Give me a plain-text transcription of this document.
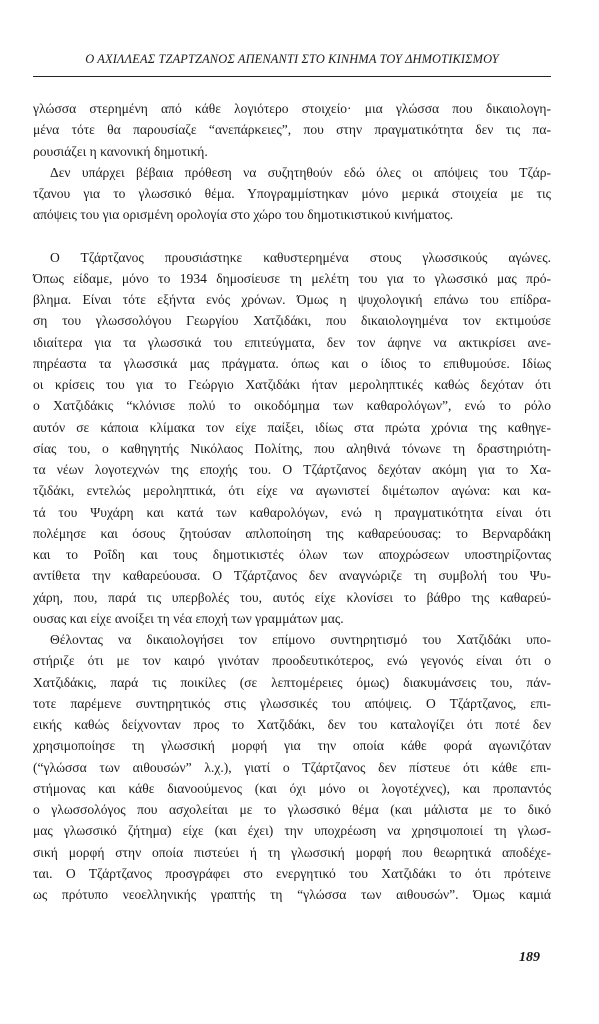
Ο ΑΧΙΛΛΕΑΣ ΤΖΑΡΤΖΑΝΟΣ ΑΠΕΝΑΝΤΙ ΣΤΟ ΚΙΝΗΜΑ ΤΟΥ ΔΗΜΟΤΙΚΙΣΜΟΥ

γλώσσα στερημένη από κάθε λογιότερο στοιχείο· μια γλώσσα που δικαιολογη-
μένα τότε θα παρουσίαζε “ανεπάρκειες”, που στην πραγματικότητα δεν τις πα-
ρουσιάζει η κανονική δημοτική.

Δεν υπάρχει βέβαια πρόθεση να συζητηθούν εδώ όλες οι απόψεις του Τζάρ-
τζανου για το γλωσσικό θέμα. Υπογραμμίστηκαν μόνο μερικά στοιχεία με τις
απόψεις του για ορισμένη ορολογία στο χώρο του δημοτικιστικού κινήματος.

Ο Τζάρτζανος προυσιάστηκε καθυστερημένα στους γλωσσικούς αγώνες.
Όπως είδαμε, μόνο το 1934 δημοσίευσε τη μελέτη του για το γλωσσικό μας πρό-
βλημα. Είναι τότε εξήντα ενός χρόνων. Όμως η ψυχολογική επάνω του επίδρα-
ση του γλωσσολόγου Γεωργίου Χατζιδάκι, που δικαιολογημένα τον εκτιμούσε
ιδιαίτερα για τα γλωσσικά του επιτεύγματα, δεν τον άφηνε να ακτικρίσει ανε-
πηρέαστα τα γλωσσικά μας πράγματα. όπως και ο ίδιος το επιθυμούσε. Ιδίως
οι κρίσεις του για το Γεώργιο Χατζιδάκι ήταν μεροληπτικές καθώς δεχόταν ότι
ο Χατζιδάκις “κλόνισε πολύ το οικοδόμημα των καθαρολόγων”, ενώ το ρόλο
αυτόν σε κάποια κλίμακα τον είχε παίξει, ιδίως στα πρώτα χρόνια της καθηγε-
σίας του, ο καθηγητής Νικόλαος Πολίτης, που αληθινά τόνωνε τη δραστηριότη-
τα νέων λογοτεχνών της εποχής του. Ο Τζάρτζανος δεχόταν ακόμη για το Χα-
τζιδάκι, εντελώς μεροληπτικά, ότι είχε να αγωνιστεί διμέτωπον αγώνα: και κα-
τά του Ψυχάρη και κατά των καθαρολόγων, ενώ η πραγματικότητα είναι ότι
πολέμησε και όσους ζητούσαν απλοποίηση της καθαρεύουσας: το Βερναρδάκη
και το Ροΐδη και τους δημοτικιστές όλων των αποχρώσεων υποστηρίζοντας
αντίθετα την καθαρεύουσα. Ο Τζάρτζανος δεν αναγνώριζε τη συμβολή του Ψυ-
χάρη, που, παρά τις υπερβολές του, αυτός είχε κλονίσει το βάθρο της καθαρεύ-
ουσας και είχε ανοίξει τη νέα εποχή των γραμμάτων μας.

Θέλοντας να δικαιολογήσει τον επίμονο συντηρητισμό του Χατζιδάκι υπο-
στήριζε ότι με τον καιρό γινόταν προοδευτικότερος, ενώ γεγονός είναι ότι ο
Χατζιδάκις, παρά τις ποικίλες (σε λεπτομέρειες όμως) διακυμάνσεις του, πάν-
τοτε παρέμενε συντηρητικός στις γλωσσικές του απόψεις. Ο Τζάρτζανος, επι-
εικής καθώς δείχνονταν προς το Χατζιδάκι, δεν του καταλογίζει ότι ποτέ δεν
χρησιμοποίησε τη γλωσσική μορφή για την οποία κάθε φορά αγωνιζόταν
(“γλώσσα των αιθουσών” λ.χ.), γιατί ο Τζάρτζανος δεν πίστευε ότι κάθε επι-
στήμονας και κάθε διανοούμενος (και όχι μόνο οι λογοτέχνες), και προπαντός
ο γλωσσολόγος που ασχολείται με το γλωσσικό θέμα (και μάλιστα με το δικό
μας γλωσσικό ζήτημα) είχε (και έχει) την υποχρέωση να χρησιμοποιεί τη γλωσ-
σική μορφή στην οποία πιστεύει ή τη γλωσσική μορφή που θεωρητικά αποδέχε-
ται. Ο Τζάρτζανος προσγράφει στο ενεργητικό του Χατζιδάκι το ότι πρότεινε
ως πρότυπο νεοελληνικής γραπτής τη “γλώσσα των αιθουσών”. Όμως καμιά

189
